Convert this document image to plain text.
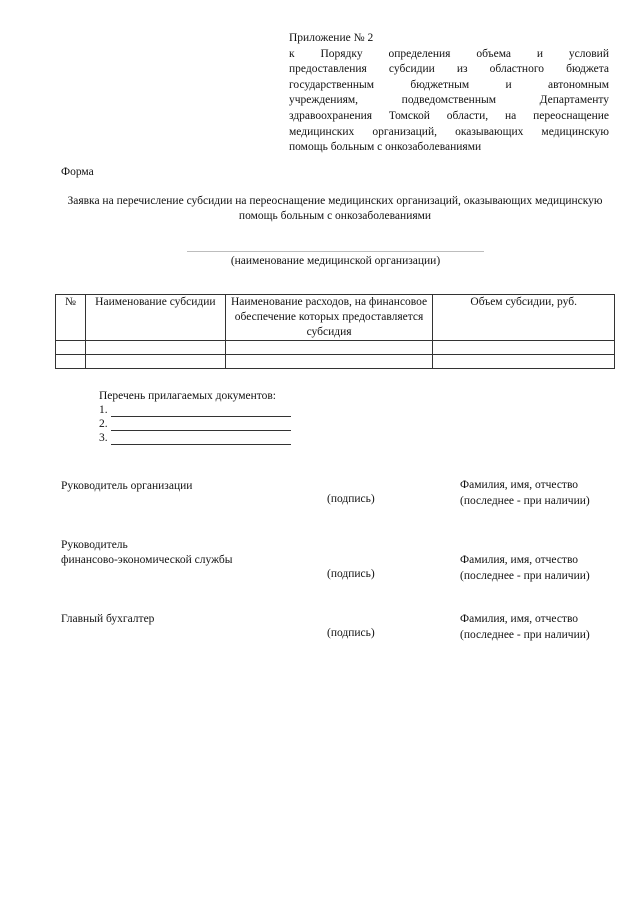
Приложение № 2
к Порядку определения объема и условий
предоставления субсидии из областного бюджета
государственным бюджетным и автономным
учреждениям, подведомственным Департаменту
здравоохранения Томской области, на переоснащение
медицинских организаций, оказывающих медицинскую
помощь больным с онкозаболеваниями
Форма
Заявка на перечисление субсидии на переоснащение медицинских организаций, оказывающих медицинскую помощь больным с онкозаболеваниями
(наименование медицинской организации)
№	Наименование субсидии	Наименование расходов, на финансовое обеспечение которых предоставляется субсидия	Объем субсидии, руб.

Перечень прилагаемых документов:
1.
2.
3.
Руководитель организации
(подпись)
Фамилия, имя, отчество
(последнее - при наличии)
Руководитель
финансово-экономической службы
(подпись)
Фамилия, имя, отчество
(последнее - при наличии)
Главный бухгалтер
(подпись)
Фамилия, имя, отчество
(последнее - при наличии)
